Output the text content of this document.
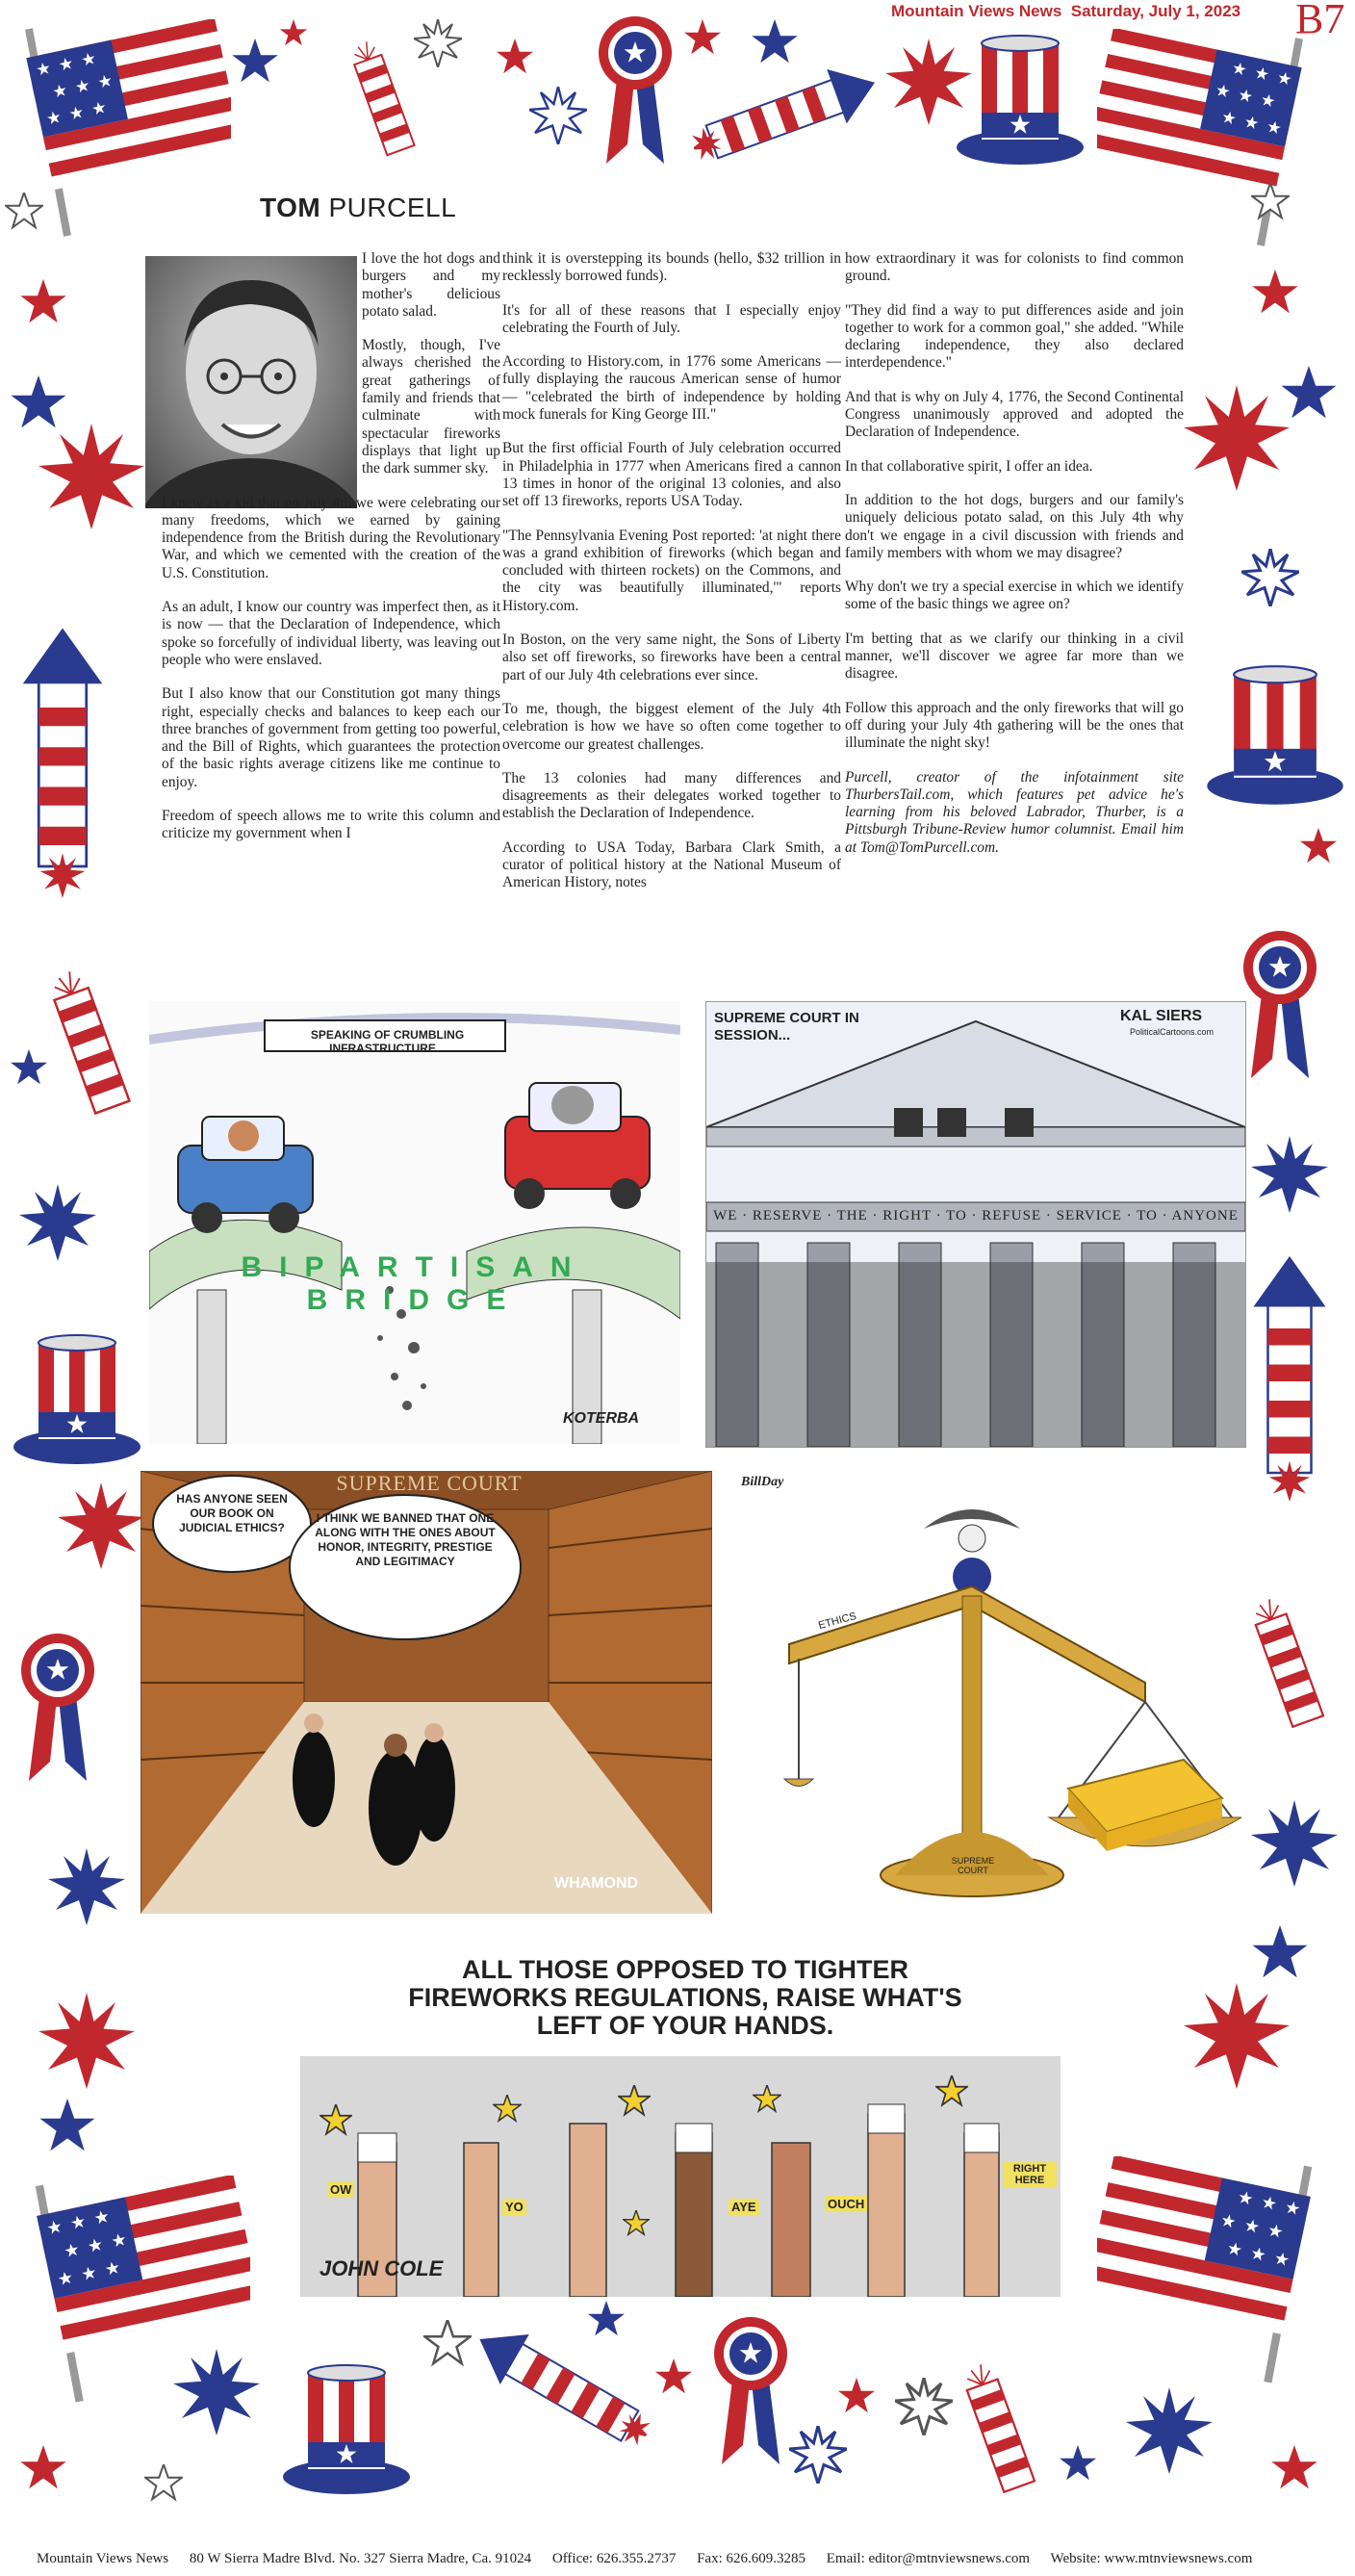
Mountain Views News Saturday, July 1, 2023 B7
TOM PURCELL

I love the hot dogs and burgers and my mother's delicious potato salad.

Mostly, though, I've always cherished the great gatherings of family and friends that culminate with spectacular fireworks displays that light up the dark summer sky.

I knew as a kid that on July 4th we were celebrating our many freedoms, which we earned by gaining independence from the British during the Revolutionary War, and which we cemented with the creation of the U.S. Constitution.

As an adult, I know our country was imperfect then, as it is now — that the Declaration of Independence, which spoke so forcefully of individual liberty, was leaving out people who were enslaved.

But I also know that our Constitution got many things right, especially checks and balances to keep each our three branches of government from getting too powerful, and the Bill of Rights, which guarantees the protection of the basic rights average citizens like me continue to enjoy.

Freedom of speech allows me to write this column and criticize my government when I

think it is overstepping its bounds (hello, $32 trillion in recklessly borrowed funds).

It's for all of these reasons that I especially enjoy celebrating the Fourth of July.

According to History.com, in 1776 some Americans — fully displaying the raucous American sense of humor — "celebrated the birth of independence by holding mock funerals for King George III."

But the first official Fourth of July celebration occurred in Philadelphia in 1777 when Americans fired a cannon 13 times in honor of the original 13 colonies, and also set off 13 fireworks, reports USA Today.

"The Pennsylvania Evening Post reported: 'at night there was a grand exhibition of fireworks (which began and concluded with thirteen rockets) on the Commons, and the city was beautifully illuminated,'" reports History.com.

In Boston, on the very same night, the Sons of Liberty also set off fireworks, so fireworks have been a central part of our July 4th celebrations ever since.

To me, though, the biggest element of the July 4th celebration is how we have so often come together to overcome our greatest challenges.

The 13 colonies had many differences and disagreements as their delegates worked together to establish the Declaration of Independence.

According to USA Today, Barbara Clark Smith, a curator of political history at the National Museum of American History, notes

how extraordinary it was for colonists to find common ground.

"They did find a way to put differences aside and join together to work for a common goal," she added. "While declaring independence, they also declared interdependence."

And that is why on July 4, 1776, the Second Continental Congress unanimously approved and adopted the Declaration of Independence.

In that collaborative spirit, I offer an idea.

In addition to the hot dogs, burgers and our family's uniquely delicious potato salad, on this July 4th why don't we engage in a civil discussion with friends and family members with whom we may disagree?

Why don't we try a special exercise in which we identify some of the basic things we agree on?

I'm betting that as we clarify our thinking in a civil manner, we'll discover we agree far more than we disagree.

Follow this approach and the only fireworks that will go off during your July 4th gathering will be the ones that illuminate the night sky!

Purcell, creator of the infotainment site ThurbersTail.com, which features pet advice he's learning from his beloved Labrador, Thurber, is a Pittsburgh Tribune-Review humor columnist. Email him at Tom@TomPurcell.com.

SPEAKING OF CRUMBLING INFRASTRUCTURE...
BIPARTISAN BRIDGE
KOTERBA
SUPREME COURT IN SESSION...
WE · RESERVE · THE · RIGHT · TO · REFUSE · SERVICE · TO · ANYONE
KAL SIERS
PoliticalCartoons.com
SUPREME COURT
HAS ANYONE SEEN OUR BOOK ON JUDICIAL ETHICS?
I THINK WE BANNED THAT ONE ALONG WITH THE ONES ABOUT HONOR, INTEGRITY, PRESTIGE AND LEGITIMACY
WHAMOND
BillDay
ETHICS
SUPREME COURT
ALL THOSE OPPOSED TO TIGHTER FIREWORKS REGULATIONS, RAISE WHAT'S LEFT OF YOUR HANDS.
OW
YO	AYE	OUCH
RIGHT HERE
JOHN COLE
Mountain Views News 80 W Sierra Madre Blvd. No. 327 Sierra Madre, Ca. 91024 Office: 626.355.2737 Fax: 626.609.3285 Email: editor@mtnviewsnews.com Website: www.mtnviewsnews.com
